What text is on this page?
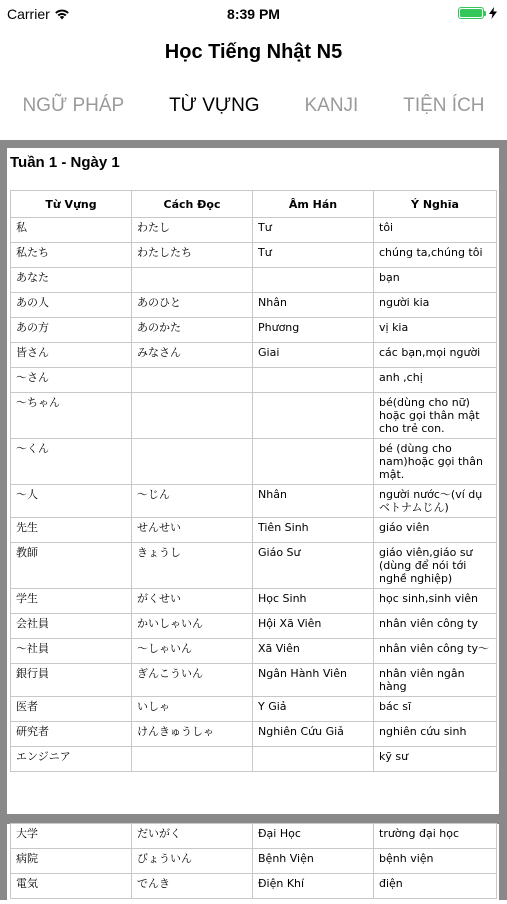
Carrier	8:39 PM
Học Tiếng Nhật N5
NGỮ PHÁP TỪ VỰNG KANJI TIỆN ÍCH
Tuần 1 - Ngày 1
Từ Vựng	Cách Đọc	Âm Hán	Ý Nghĩa
私	わたし	Tư	tôi
私たち	わたしたち	Tư	chúng ta,chúng tôi
あなた			bạn
あの人	あのひと	Nhân	người kia
あの方	あのかた	Phương	vị kia
皆さん	みなさん	Giai	các bạn,mọi người
～さん			anh ,chị
～ちゃん			bé(dùng cho nữ) hoặc gọi thân mật cho trẻ con.
～くん			bé (dùng cho nam)hoặc gọi thân mật.
～人	～じん	Nhân	người nước～(ví dụ ベトナムじん)
先生	せんせい	Tiên Sinh	giáo viên
教師	きょうし	Giáo Sư	giáo viên,giáo sư (dùng để nói tới nghề nghiệp)
学生	がくせい	Học Sinh	học sinh,sinh viên
会社員	かいしゃいん	Hội Xã Viên	nhân viên công ty
～社員	～しゃいん	Xã Viên	nhân viên công ty～
銀行員	ぎんこういん	Ngân Hành Viên	nhân viên ngân hàng
医者	いしゃ	Y Giả	bác sĩ
研究者	けんきゅうしゃ	Nghiên Cứu Giả	nghiên cứu sinh
エンジニア			kỹ sư
大学	だいがく	Đại Học	trường đại học
病院	びょういん	Bệnh Viện	bệnh viện
電気	でんき	Điện Khí	điện
